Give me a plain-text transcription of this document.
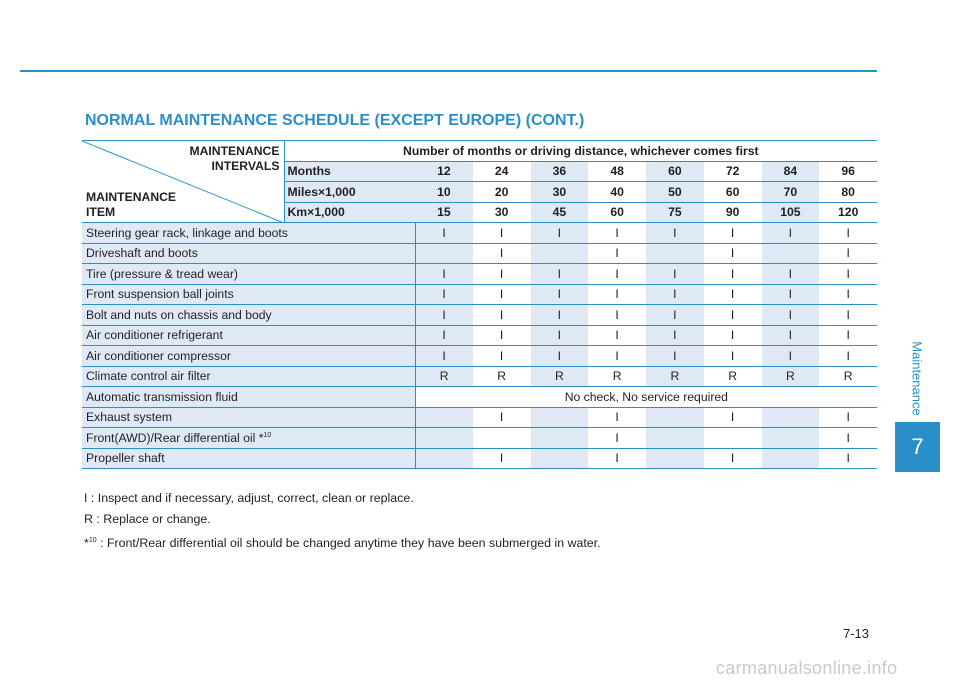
Maintenance
7
NORMAL MAINTENANCE SCHEDULE (EXCEPT EUROPE) (CONT.)
MAINTENANCE
INTERVALS
MAINTENANCE
ITEM	Number of months or driving distance, whichever comes first								
	Months	12	24	36	48	60	72	84	96
	Miles×1,000	10	20	30	40	50	60	70	80
	Km×1,000	15	30	45	60	75	90	105	120
Steering gear rack, linkage and boots		I	I	I	I	I	I	I	I
Driveshaft and boots			I		I		I		I
Tire (pressure & tread wear)		I	I	I	I	I	I	I	I
Front suspension ball joints		I	I	I	I	I	I	I	I
Bolt and nuts on chassis and body		I	I	I	I	I	I	I	I
Air conditioner refrigerant		I	I	I	I	I	I	I	I
Air conditioner compressor		I	I	I	I	I	I	I	I
Climate control air filter		R	R	R	R	R	R	R	R
Automatic transmission fluid		No check, No service required							
Exhaust system			I		I		I		I
Front(AWD)/Rear differential oil *$^{10}$					I				I
Propeller shaft			I		I		I		I
I : Inspect and if necessary, adjust, correct, clean or replace.
R : Replace or change.
*$^{10}$ : Front/Rear differential oil should be changed anytime they have been submerged in water.
7-13
carmanualsonline.info
